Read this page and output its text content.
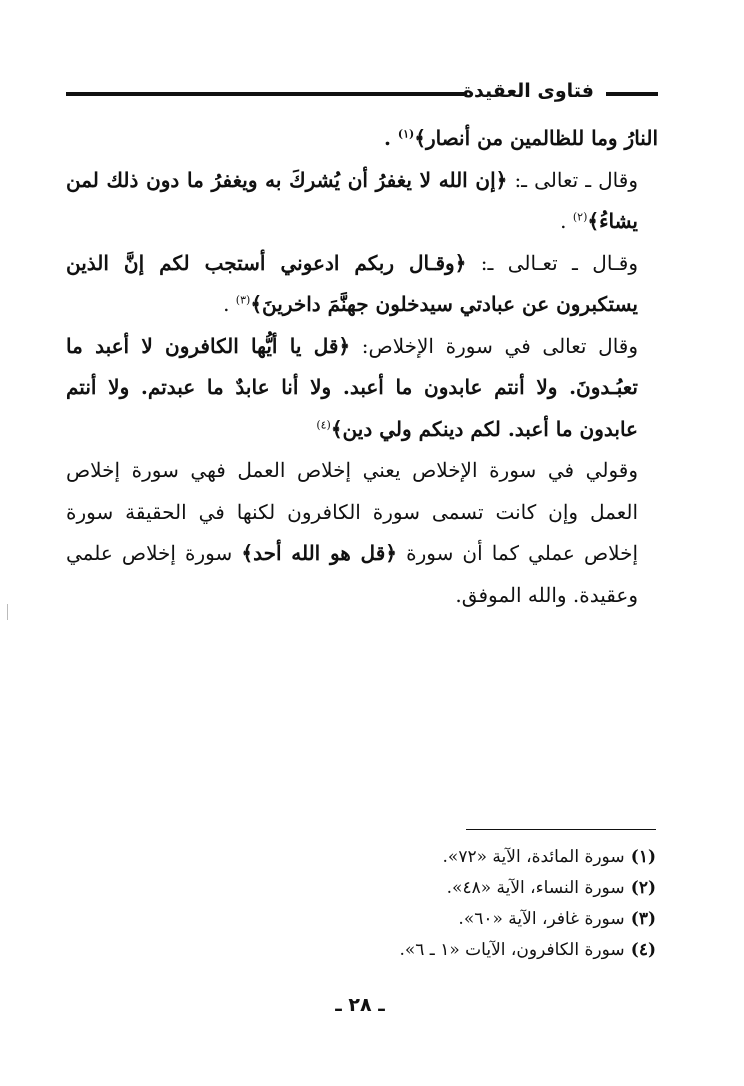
فتاوى العقيدة

النارُ وما للظالمين من أنصار﴾$^{(١)}$ .

وقال ـ تعالى ـ: ﴿إن الله لا يغفرُ أن يُشركَ به ويغفرُ ما دون ذلك لمن يشاءُ﴾$^{(٢)}$ .

وقـال ـ تعـالى ـ: ﴿وقـال ربكم ادعوني أستجب لكم إنَّ الذين يستكبرون عن عبادتي سيدخلون جهنَّمَ داخرينَ﴾$^{(٣)}$ .

وقال تعالى في سورة الإخلاص: ﴿قل يا أيُّها الكافرون لا أعبد ما تعبُـدونَ. ولا أنتم عابدون ما أعبد. ولا أنا عابدٌ ما عبدتم. ولا أنتم عابدون ما أعبد. لكم دينكم ولي دين﴾$^{(٤)}$

وقولي في سورة الإخلاص يعني إخلاص العمل فهي سورة إخلاص العمل وإن كانت تسمى سورة الكافرون لكنها في الحقيقة سورة إخلاص عملي كما أن سورة ﴿قل هو الله أحد﴾ سورة إخلاص علمي وعقيدة. والله الموفق.

(١) سورة المائدة، الآية «٧٢».

(٢) سورة النساء، الآية «٤٨».

(٣) سورة غافر، الآية «٦٠».

(٤) سورة الكافرون، الآيات «١ ـ ٦».

ـ ٢٨ ـ
